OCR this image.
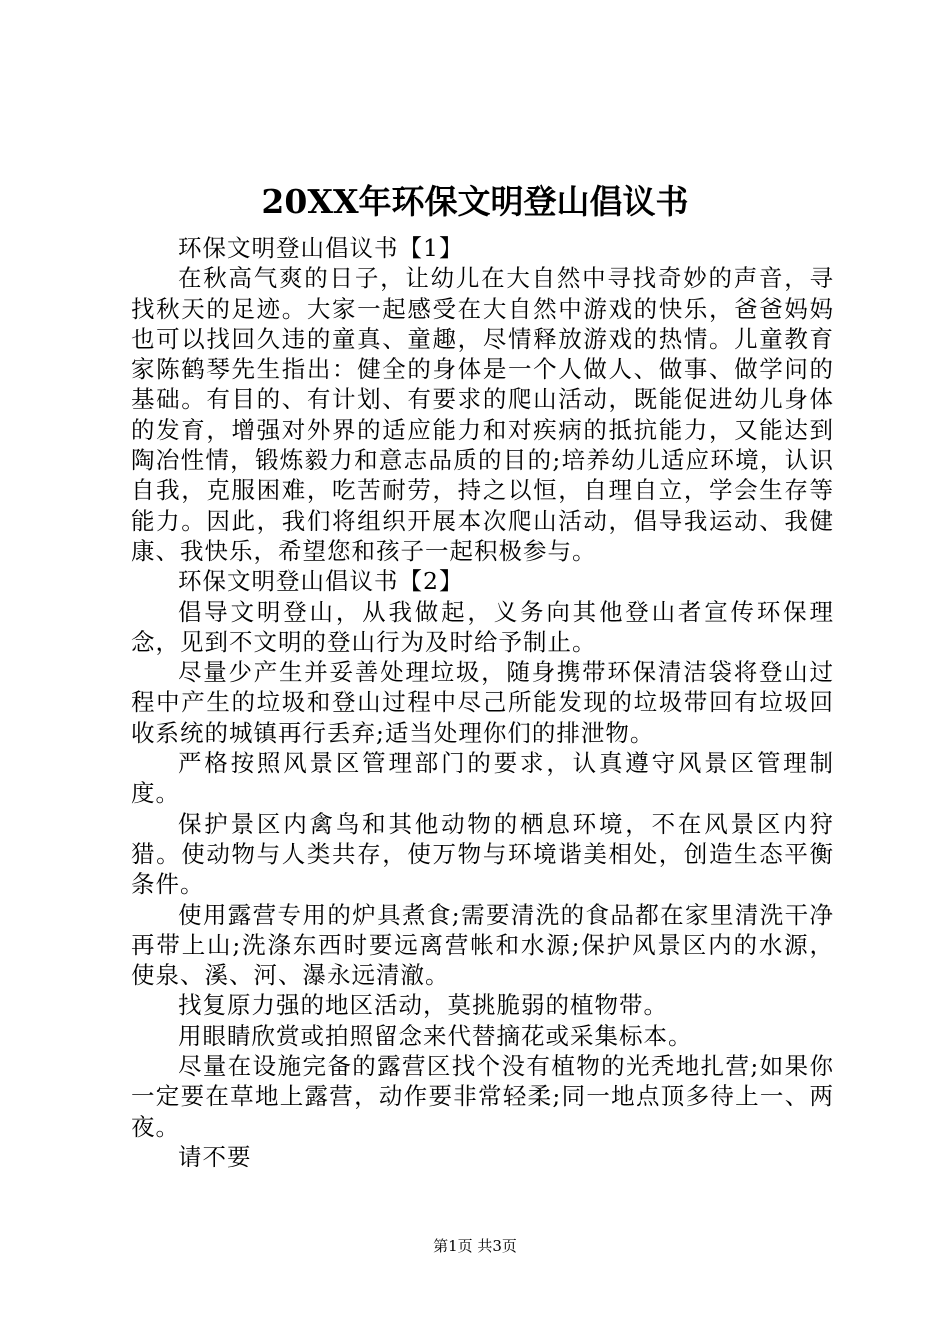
20XX年环保文明登山倡议书

环保文明登山倡议书【1】

在秋高气爽的日子，让幼儿在大自然中寻找奇妙的声音，寻找秋天的足迹。大家一起感受在大自然中游戏的快乐，爸爸妈妈也可以找回久违的童真、童趣，尽情释放游戏的热情。儿童教育家陈鹤琴先生指出：健全的身体是一个人做人、做事、做学问的基础。有目的、有计划、有要求的爬山活动，既能促进幼儿身体的发育，增强对外界的适应能力和对疾病的抵抗能力，又能达到陶冶性情，锻炼毅力和意志品质的目的;培养幼儿适应环境，认识自我，克服困难，吃苦耐劳，持之以恒，自理自立，学会生存等能力。因此，我们将组织开展本次爬山活动，倡导我运动、我健康、我快乐，希望您和孩子一起积极参与。

环保文明登山倡议书【2】

倡导文明登山，从我做起，义务向其他登山者宣传环保理念，见到不文明的登山行为及时给予制止。

尽量少产生并妥善处理垃圾，随身携带环保清洁袋将登山过程中产生的垃圾和登山过程中尽己所能发现的垃圾带回有垃圾回收系统的城镇再行丢弃;适当处理你们的排泄物。

严格按照风景区管理部门的要求，认真遵守风景区管理制度。

保护景区内禽鸟和其他动物的栖息环境，不在风景区内狩猎。使动物与人类共存，使万物与环境谐美相处，创造生态平衡条件。

使用露营专用的炉具煮食;需要清洗的食品都在家里清洗干净再带上山;洗涤东西时要远离营帐和水源;保护风景区内的水源，使泉、溪、河、瀑永远清澈。

找复原力强的地区活动，莫挑脆弱的植物带。

用眼睛欣赏或拍照留念来代替摘花或采集标本。

尽量在设施完备的露营区找个没有植物的光秃地扎营;如果你一定要在草地上露营，动作要非常轻柔;同一地点顶多待上一、两夜。

请不要

第1页 共3页
